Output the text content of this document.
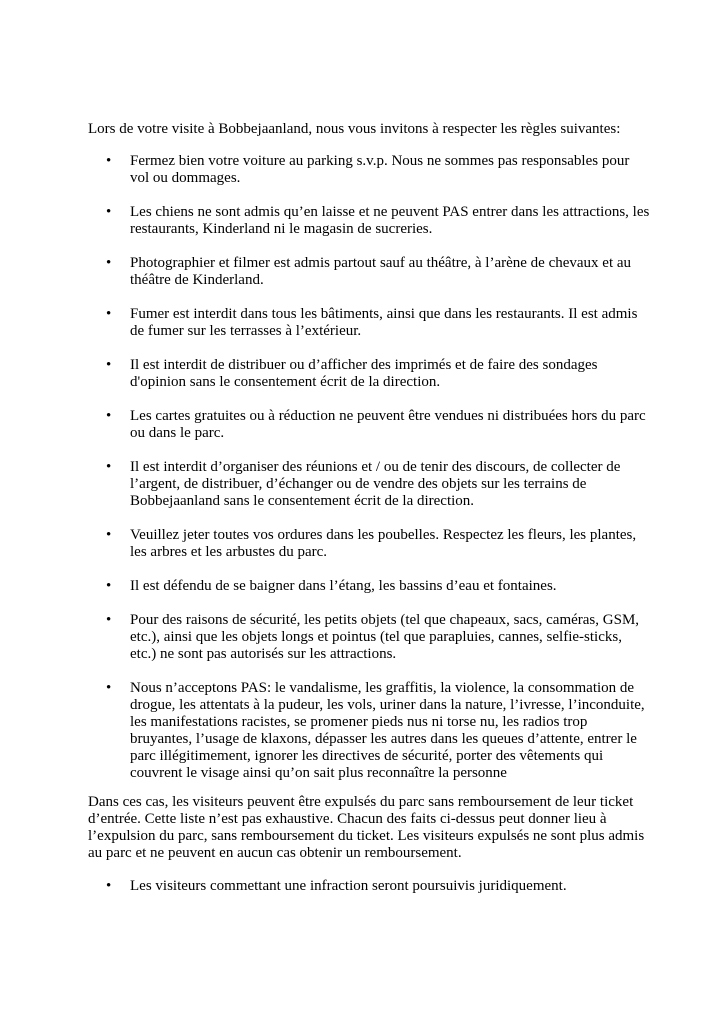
Lors de votre visite à Bobbejaanland, nous vous invitons à respecter les règles suivantes:

• Fermez bien votre voiture au parking s.v.p. Nous ne sommes pas responsables pour vol ou dommages.
• Les chiens ne sont admis qu’en laisse et ne peuvent PAS entrer dans les attractions, les restaurants, Kinderland ni le magasin de sucreries.
• Photographier et filmer est admis partout sauf au théâtre, à l’arène de chevaux et au théâtre de Kinderland.
• Fumer est interdit dans tous les bâtiments, ainsi que dans les restaurants. Il est admis de fumer sur les terrasses à l’extérieur.
• Il est interdit de distribuer ou d’afficher des imprimés et de faire des sondages d'opinion sans le consentement écrit de la direction.
• Les cartes gratuites ou à réduction ne peuvent être vendues ni distribuées hors du parc ou dans le parc.
• Il est interdit d’organiser des réunions et / ou de tenir des discours, de collecter de l’argent, de distribuer, d’échanger ou de vendre des objets sur les terrains de Bobbejaanland sans le consentement écrit de la direction.
• Veuillez jeter toutes vos ordures dans les poubelles. Respectez les fleurs, les plantes, les arbres et les arbustes du parc.
• Il est défendu de se baigner dans l’étang, les bassins d’eau et fontaines.
• Pour des raisons de sécurité, les petits objets (tel que chapeaux, sacs, caméras, GSM, etc.), ainsi que les objets longs et pointus (tel que parapluies, cannes, selfie-sticks, etc.) ne sont pas autorisés sur les attractions.
• Nous n’acceptons PAS: le vandalisme, les graffitis, la violence, la consommation de drogue, les attentats à la pudeur, les vols, uriner dans la nature, l’ivresse, l’inconduite, les manifestations racistes, se promener pieds nus ni torse nu, les radios trop bruyantes, l’usage de klaxons, dépasser les autres dans les queues d’attente, entrer le parc illégitimement, ignorer les directives de sécurité, porter des vêtements qui couvrent le visage ainsi qu’on sait plus reconnaître la personne

Dans ces cas, les visiteurs peuvent être expulsés du parc sans remboursement de leur ticket d’entrée. Cette liste n’est pas exhaustive. Chacun des faits ci-dessus peut donner lieu à l’expulsion du parc, sans remboursement du ticket. Les visiteurs expulsés ne sont plus admis au parc et ne peuvent en aucun cas obtenir un remboursement.

• Les visiteurs commettant une infraction seront poursuivis juridiquement.
